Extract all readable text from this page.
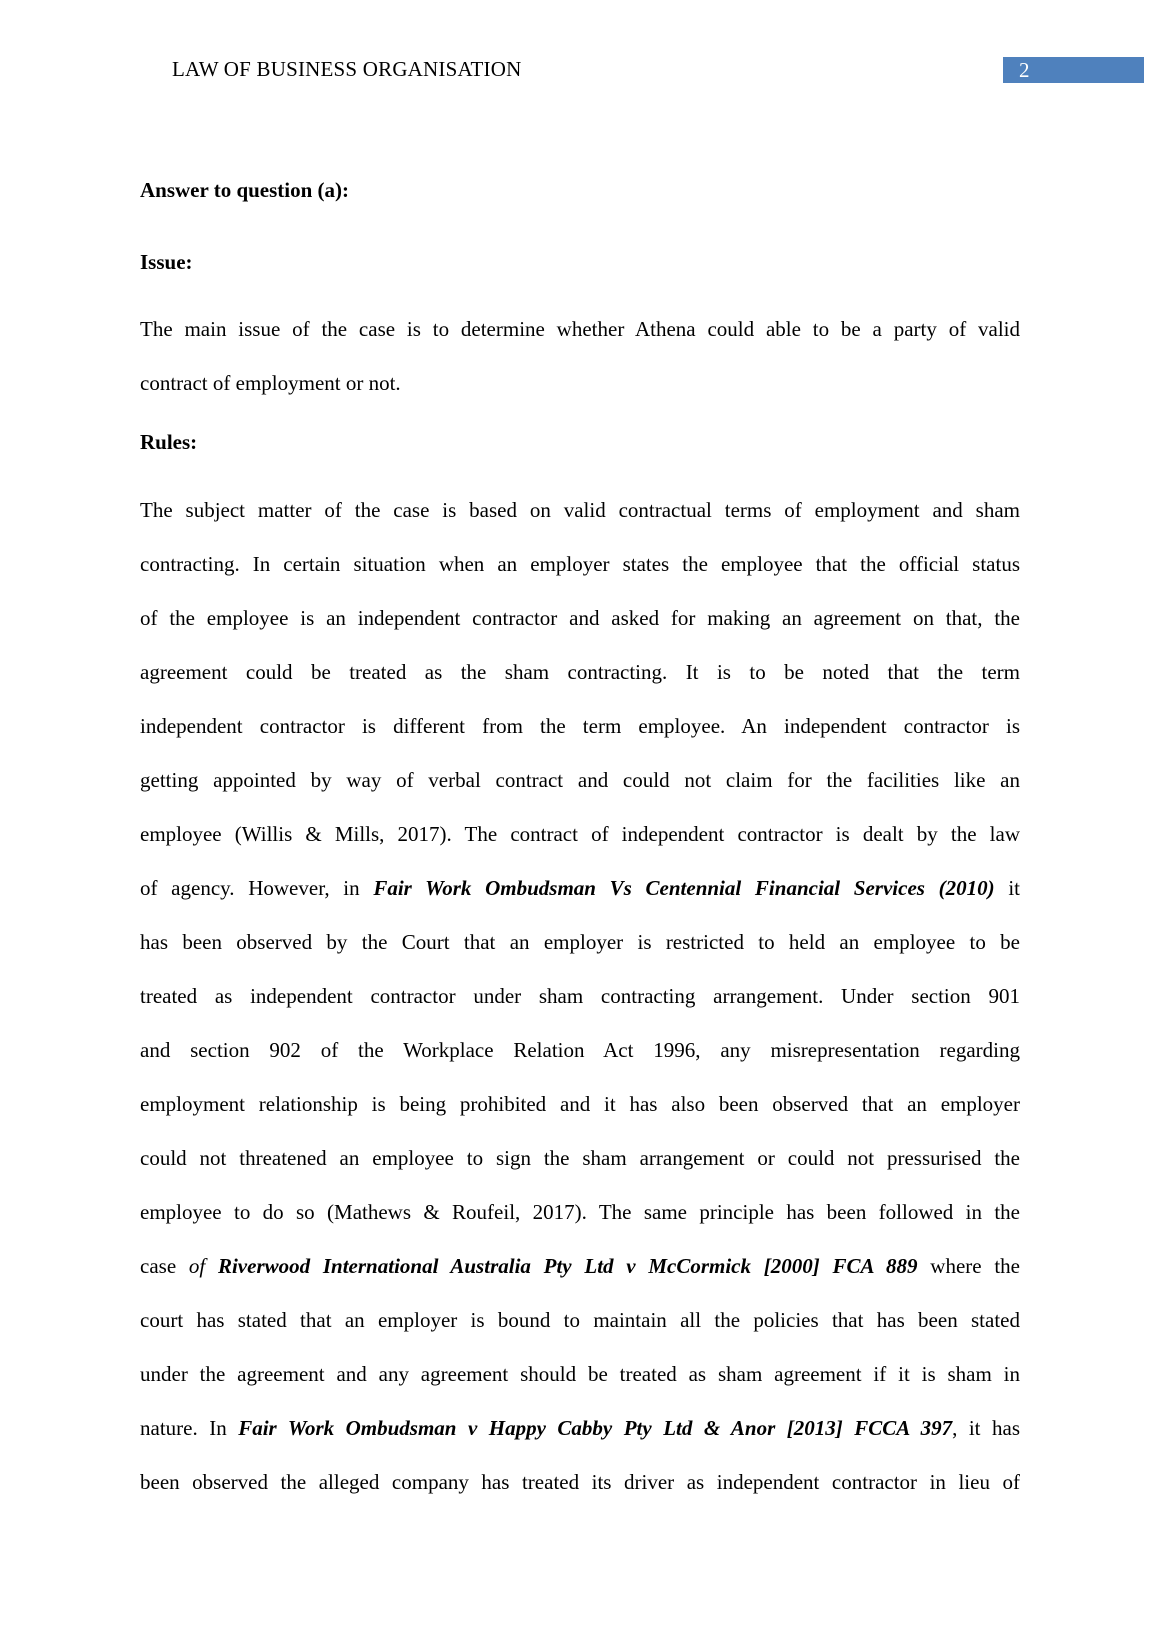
LAW OF BUSINESS ORGANISATION	2
Answer to question (a):
Issue:
The main issue of the case is to determine whether Athena could able to be a party of valid
contract of employment or not.
Rules:
The subject matter of the case is based on valid contractual terms of employment and sham
contracting. In certain situation when an employer states the employee that the official status
of the employee is an independent contractor and asked for making an agreement on that, the
agreement could be treated as the sham contracting. It is to be noted that the term
independent contractor is different from the term employee. An independent contractor is
getting appointed by way of verbal contract and could not claim for the facilities like an
employee (Willis & Mills, 2017). The contract of independent contractor is dealt by the law
of agency. However, in Fair Work Ombudsman Vs Centennial Financial Services (2010) it
has been observed by the Court that an employer is restricted to held an employee to be
treated as independent contractor under sham contracting arrangement. Under section 901
and section 902 of the Workplace Relation Act 1996, any misrepresentation regarding
employment relationship is being prohibited and it has also been observed that an employer
could not threatened an employee to sign the sham arrangement or could not pressurised the
employee to do so (Mathews & Roufeil, 2017). The same principle has been followed in the
case of Riverwood International Australia Pty Ltd v McCormick [2000] FCA 889 where the
court has stated that an employer is bound to maintain all the policies that has been stated
under the agreement and any agreement should be treated as sham agreement if it is sham in
nature. In Fair Work Ombudsman v Happy Cabby Pty Ltd & Anor [2013] FCCA 397, it has
been observed the alleged company has treated its driver as independent contractor in lieu of
